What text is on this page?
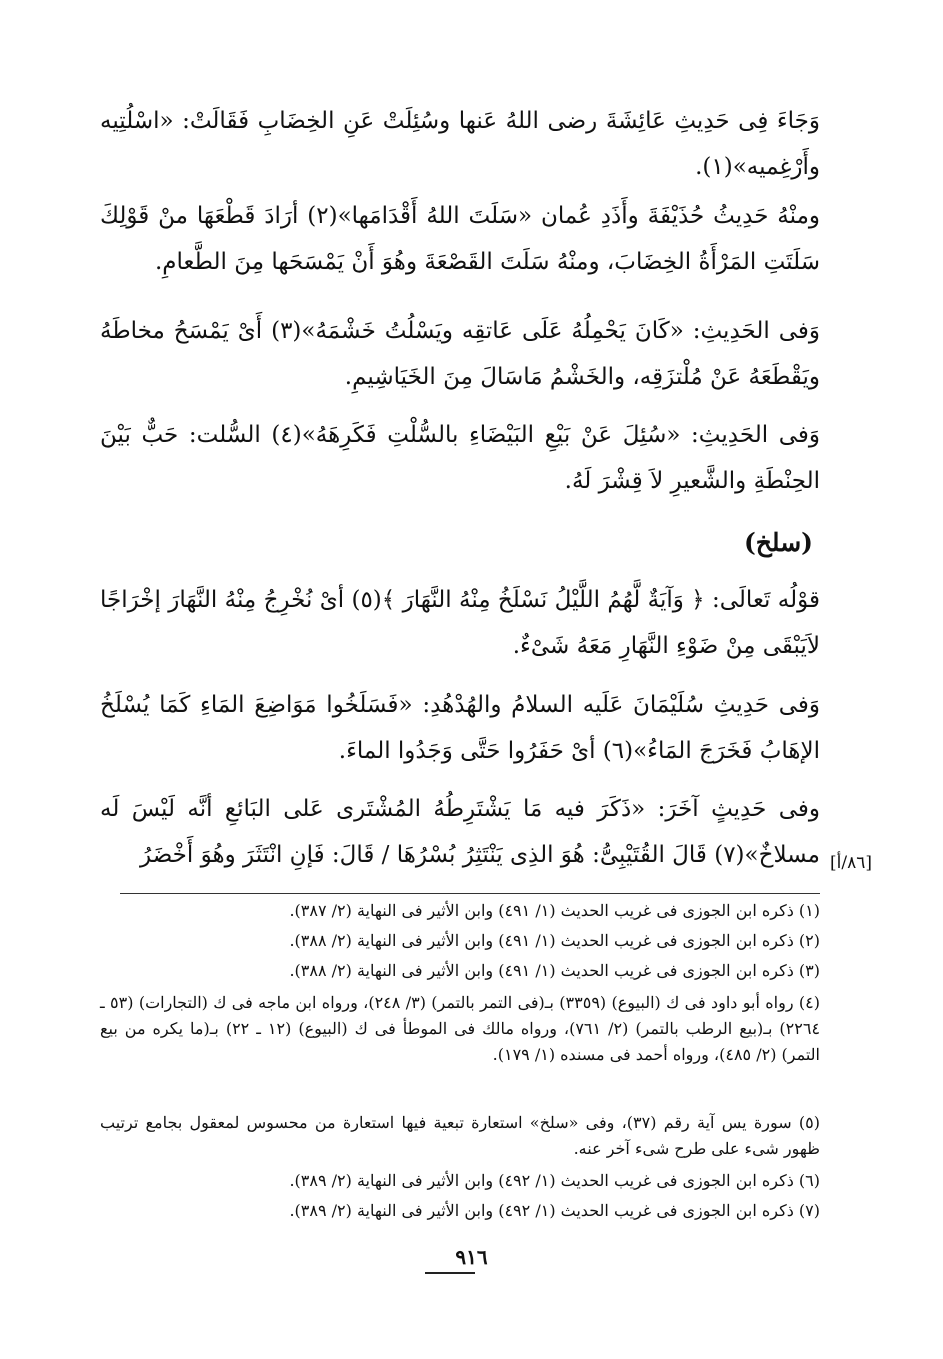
وَجَاءَ فِى حَدِيثِ عَائِشَةَ رضى اللهُ عَنها وسُئِلَتْ عَنِ الخِضَابِ فَقَالَتْ: «اسْلُتِيه وأَرْغِميه»(١).
ومنْهُ حَدِيثُ حُذَيْفَةَ وأَذَدِ عُمان «سَلَتَ اللهُ أَقْدَامَها»(٢) أرَادَ قَطْعَهَا منْ قَوْلِكَ سَلَتَتِ المَرْأَةُ الخِضَابَ، ومنْهُ سَلَتَ القَصْعَةَ وهُوَ أَنْ يَمْسَحَها مِنَ الطَّعامِ.
وَفى الحَدِيثِ: «كَانَ يَحْمِلُهُ عَلَى عَاتقِه ويَسْلُتُ خَشْمَهُ»(٣) أَىْ يَمْسَحُ مخاطَهُ ويَقْطَعَهُ عَنْ مُلْتزَقِه، والخَشْمُ مَاسَالَ مِنَ الخَيَاشِيمِ.
وَفى الحَدِيثِ: «سُئِلَ عَنْ بَيْعِ البَيْضَاءِ بالسُّلْتِ فَكَرِهَهُ»(٤) السُّلت: حَبٌّ بَيْنَ الحِنْطَةِ والشَّعيرِ لاَ قِشْرَ لَهُ.
(سلخ)
قوْلُه تَعالَى: ﴿ وَآيَةٌ لَّهُمُ اللَّيْلُ نَسْلَخُ مِنْهُ النَّهَارَ ﴾(٥) أىْ نُخْرِجُ مِنْهُ النَّهَارَ إخْرَاجًا لاَيَبْقَى مِنْ ضَوْءِ النَّهَارِ مَعَهُ شَىْءٌ.
وَفى حَدِيثِ سُلَيْمَانَ عَلَيه السلامُ والهُدْهُدِ: «فَسَلَخُوا مَوَاضِعَ المَاءِ كَمَا يُسْلَخُ الإهَابُ فَخَرَجَ المَاءُ»(٦) أىْ حَفَرُوا حَتَّى وَجَدُوا الماءَ.
وفى حَدِيثٍ آخَرَ: «ذَكَرَ فيه مَا يَشْتَرِطُهُ المُشْتَرى عَلى البَائعِ أنَّه لَيْسَ لَه مسلاخٌ»(٧) قَالَ القُتَيْبِىُّ: هُوَ الذِى يَنْتَثِرُ بُسْرُهَا / قَالَ: فَإنِ انْتَثَرَ وهُوَ أَخْضَرُ [٨٦/أ]
(١) ذكره ابن الجوزى فى غريب الحديث (١/ ٤٩١) وابن الأثير فى النهاية (٢/ ٣٨٧).
(٢) ذكره ابن الجوزى فى غريب الحديث (١/ ٤٩١) وابن الأثير فى النهاية (٢/ ٣٨٨).
(٣) ذكره ابن الجوزى فى غريب الحديث (١/ ٤٩١) وابن الأثير فى النهاية (٢/ ٣٨٨).
(٤) رواه أبو داود فى ك (البيوع) (٣٣٥٩) بـ(فى التمر بالتمر) (٣/ ٢٤٨)، ورواه ابن ماجه فى ك (التجارات) (٥٣ ـ ٢٢٦٤) بـ(بيع الرطب بالتمر) (٢/ ٧٦١)، ورواه مالك فى الموطأ فى ك (البيوع) (١٢ ـ ٢٢) بـ(ما يكره من بيع التمر) (٢/ ٤٨٥)، ورواه أحمد فى مسنده (١/ ١٧٩).
(٥) سورة يس آية رقم (٣٧)، وفى «سلخ» استعارة تبعية فيها استعارة من محسوس لمعقول بجامع ترتيب ظهور شىء على طرح شىء آخر عنه.
(٦) ذكره ابن الجوزى فى غريب الحديث (١/ ٤٩٢) وابن الأثير فى النهاية (٢/ ٣٨٩).
(٧) ذكره ابن الجوزى فى غريب الحديث (١/ ٤٩٢) وابن الأثير فى النهاية (٢/ ٣٨٩).
٩١٦
